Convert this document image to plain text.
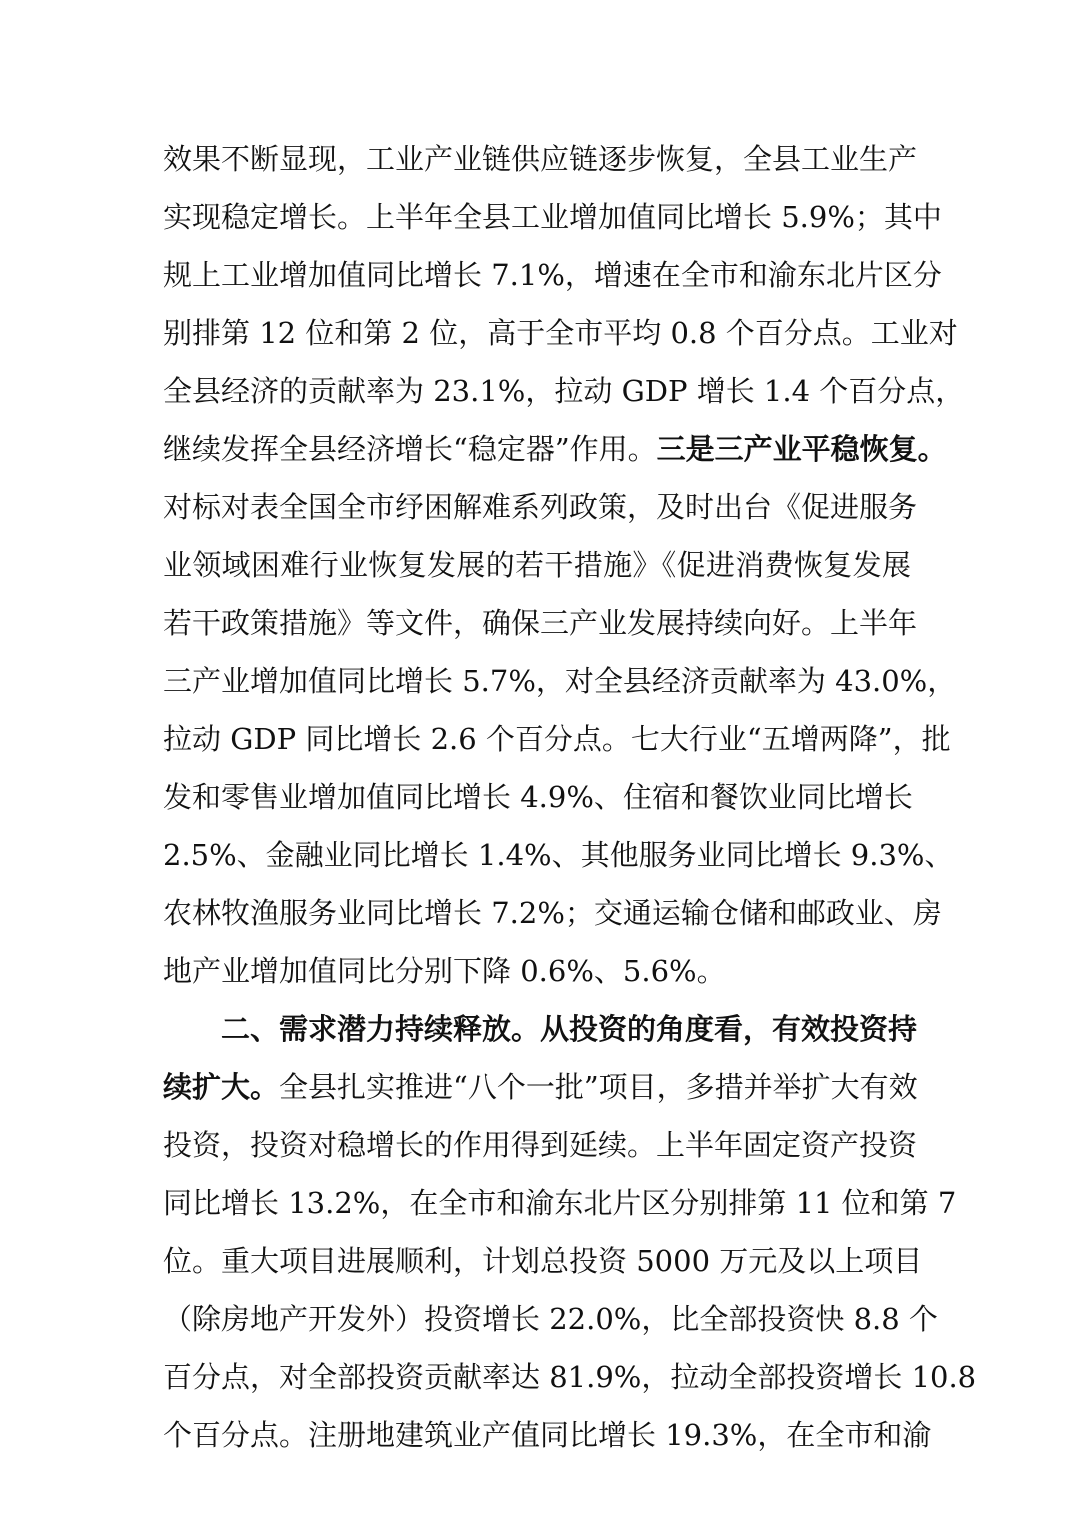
效果不断显现，工业产业链供应链逐步恢复，全县工业生产
实现稳定增长。上半年全县工业增加值同比增长 5.9%；其中
规上工业增加值同比增长 7.1%，增速在全市和渝东北片区分
别排第 12 位和第 2 位，高于全市平均 0.8 个百分点。工业对
全县经济的贡献率为 23.1%，拉动 GDP 增长 1.4 个百分点，
继续发挥全县经济增长“稳定器”作用。三是三产业平稳恢复。
对标对表全国全市纾困解难系列政策，及时出台《促进服务
业领域困难行业恢复发展的若干措施》《促进消费恢复发展
若干政策措施》等文件，确保三产业发展持续向好。上半年
三产业增加值同比增长 5.7%，对全县经济贡献率为 43.0%，
拉动 GDP 同比增长 2.6 个百分点。七大行业“五增两降”，批
发和零售业增加值同比增长 4.9%、住宿和餐饮业同比增长
2.5%、金融业同比增长 1.4%、其他服务业同比增长 9.3%、
农林牧渔服务业同比增长 7.2%；交通运输仓储和邮政业、房
地产业增加值同比分别下降 0.6%、5.6%。
二、需求潜力持续释放。从投资的角度看，有效投资持
续扩大。全县扎实推进“八个一批”项目，多措并举扩大有效
投资，投资对稳增长的作用得到延续。上半年固定资产投资
同比增长 13.2%，在全市和渝东北片区分别排第 11 位和第 7
位。重大项目进展顺利，计划总投资 5000 万元及以上项目
（除房地产开发外）投资增长 22.0%，比全部投资快 8.8 个
百分点，对全部投资贡献率达 81.9%，拉动全部投资增长 10.8
个百分点。注册地建筑业产值同比增长 19.3%，在全市和渝
